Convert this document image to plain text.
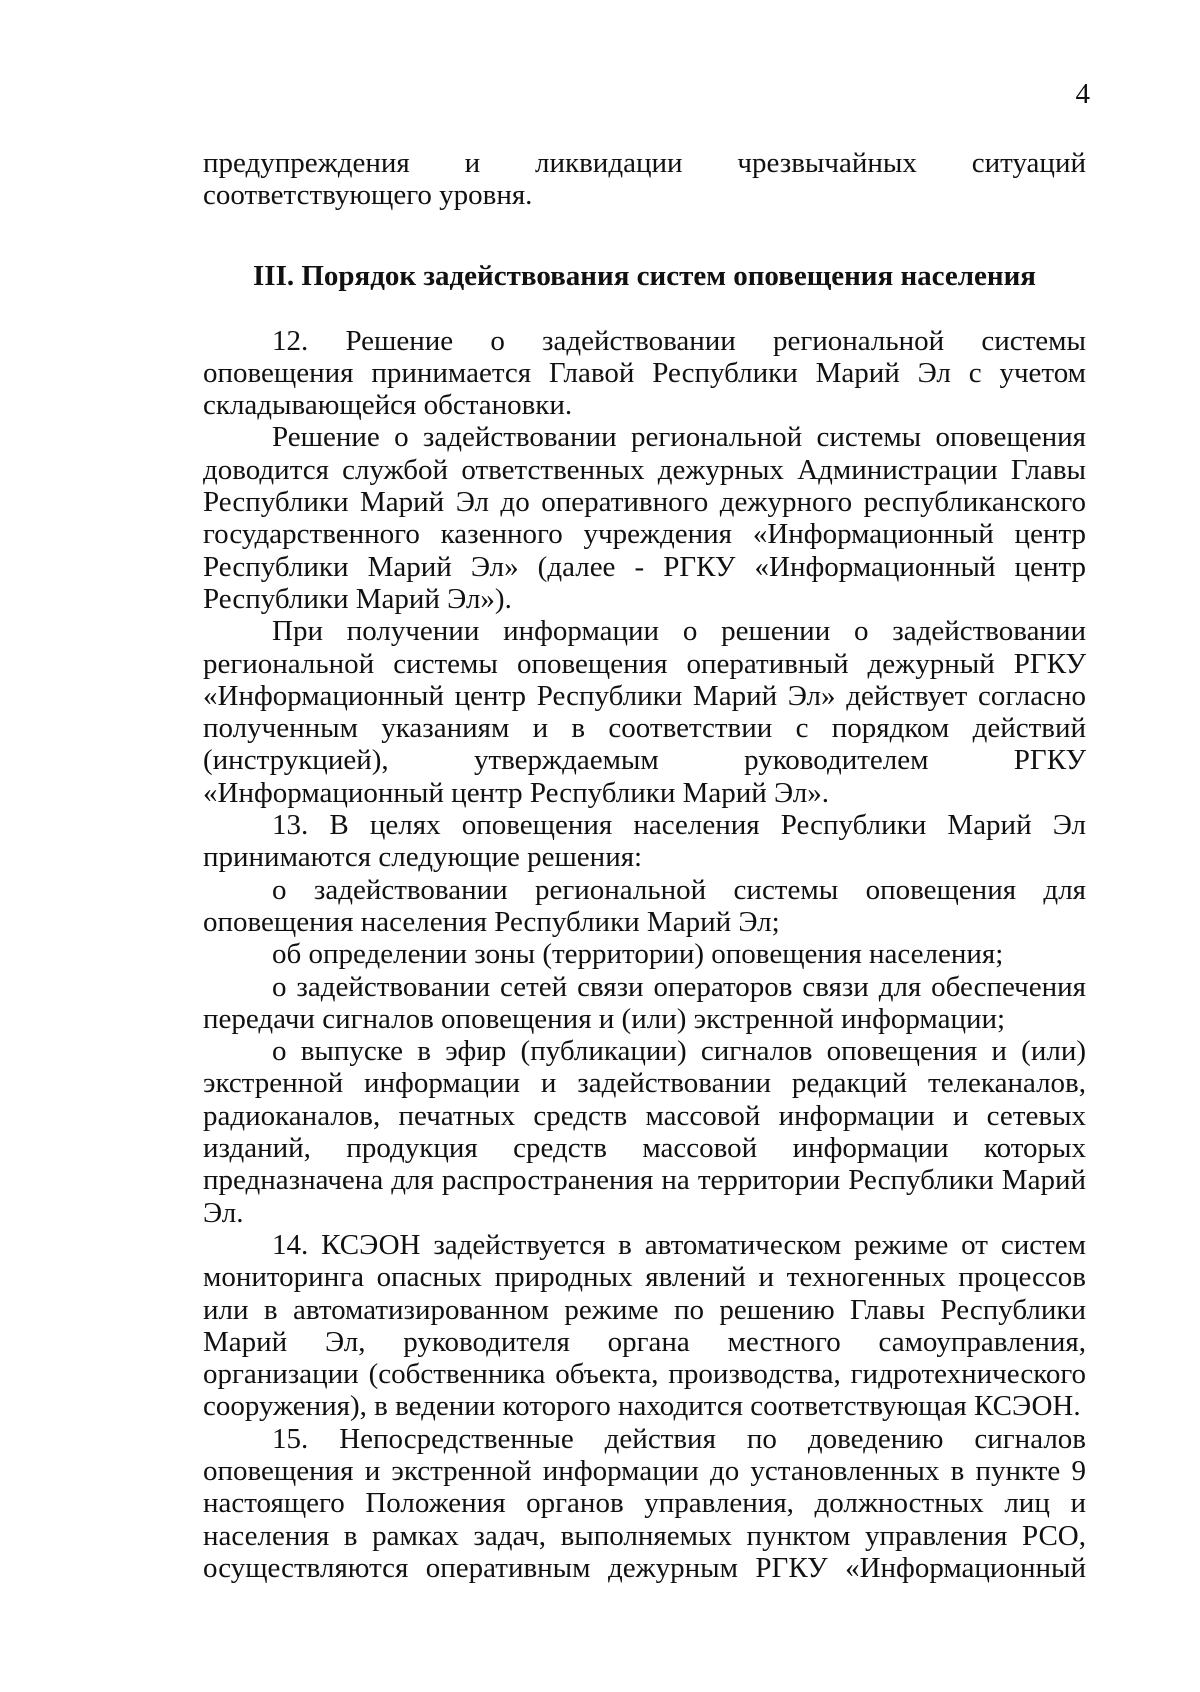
4

предупреждения и ликвидации чрезвычайных ситуаций соответствующего уровня.

III. Порядок задействования систем оповещения населения

12. Решение о задействовании региональной системы оповещения принимается Главой Республики Марий Эл с учетом складывающейся обстановки.

Решение о задействовании региональной системы оповещения доводится службой ответственных дежурных Администрации Главы Республики Марий Эл до оперативного дежурного республиканского государственного казенного учреждения «Информационный центр Республики Марий Эл» (далее - РГКУ «Информационный центр Республики Марий Эл»).

При получении информации о решении о задействовании региональной системы оповещения оперативный дежурный РГКУ «Информационный центр Республики Марий Эл» действует согласно полученным указаниям и в соответствии с порядком действий (инструкцией), утверждаемым руководителем РГКУ «Информационный центр Республики Марий Эл».

13. В целях оповещения населения Республики Марий Эл принимаются следующие решения:

о задействовании региональной системы оповещения для оповещения населения Республики Марий Эл;

об определении зоны (территории) оповещения населения;

о задействовании сетей связи операторов связи для обеспечения передачи сигналов оповещения и (или) экстренной информации;

о выпуске в эфир (публикации) сигналов оповещения и (или) экстренной информации и задействовании редакций телеканалов, радиоканалов, печатных средств массовой информации и сетевых изданий, продукция средств массовой информации которых предназначена для распространения на территории Республики Марий Эл.

14. КСЭОН задействуется в автоматическом режиме от систем мониторинга опасных природных явлений и техногенных процессов или в автоматизированном режиме по решению Главы Республики Марий Эл, руководителя органа местного самоуправления, организации (собственника объекта, производства, гидротехнического сооружения), в ведении которого находится соответствующая КСЭОН.

15. Непосредственные действия по доведению сигналов оповещения и экстренной информации до установленных в пункте 9 настоящего Положения органов управления, должностных лиц и населения в рамках задач, выполняемых пунктом управления РСО, осуществляются оперативным дежурным РГКУ «Информационный
